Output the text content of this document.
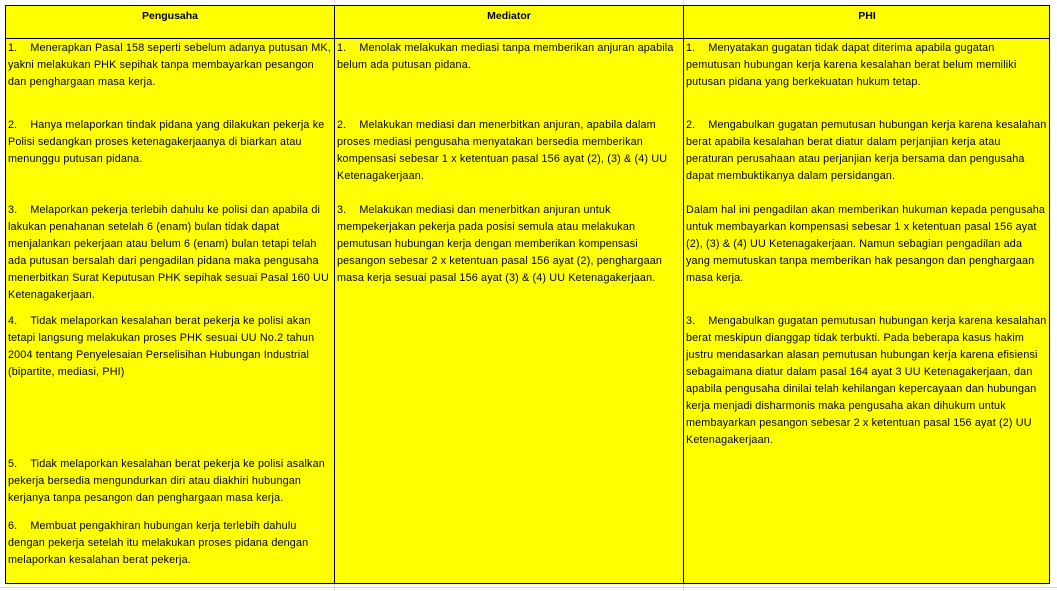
Pengusaha	Mediator	PHI
1. Menerapkan Pasal 158 seperti sebelum adanya putusan MK, yakni melakukan PHK sepihak tanpa membayarkan pesangon dan penghargaan masa kerja.
2. Hanya melaporkan tindak pidana yang dilakukan pekerja ke Polisi sedangkan proses ketenagakerjaanya di biarkan atau menunggu putusan pidana.
3. Melaporkan pekerja terlebih dahulu ke polisi dan apabila di lakukan penahanan setelah 6 (enam) bulan tidak dapat menjalankan pekerjaan atau belum 6 (enam) bulan tetapi telah ada putusan bersalah dari pengadilan pidana maka pengusaha menerbitkan Surat Keputusan PHK sepihak sesuai Pasal 160 UU Ketenagakerjaan.
4. Tidak melaporkan kesalahan berat pekerja ke polisi akan tetapi langsung melakukan proses PHK sesuai UU No.2 tahun 2004 tentang Penyelesaian Perselisihan Hubungan Industrial (bipartite, mediasi, PHI)
5. Tidak melaporkan kesalahan berat pekerja ke polisi asalkan pekerja bersedia mengundurkan diri atau diakhiri hubungan kerjanya tanpa pesangon dan penghargaan masa kerja.
6. Membuat pengakhiran hubungan kerja terlebih dahulu dengan pekerja setelah itu melakukan proses pidana dengan melaporkan kesalahan berat pekerja.
1. Menolak melakukan mediasi tanpa memberikan anjuran apabila belum ada putusan pidana.
2. Melakukan mediasi dan menerbitkan anjuran, apabila dalam proses mediasi pengusaha menyatakan bersedia memberikan kompensasi sebesar 1 x ketentuan pasal 156 ayat (2), (3) & (4) UU Ketenagakerjaan.
3. Melakukan mediasi dan menerbitkan anjuran untuk mempekerjakan pekerja pada posisi semula atau melakukan pemutusan hubungan kerja dengan memberikan kompensasi pesangon sebesar 2 x ketentuan pasal 156 ayat (2), penghargaan masa kerja sesuai pasal 156 ayat (3) & (4) UU Ketenagakerjaan.
1. Menyatakan gugatan tidak dapat diterima apabila gugatan pemutusan hubungan kerja karena kesalahan berat belum memiliki putusan pidana yang berkekuatan hukum tetap.
2. Mengabulkan gugatan pemutusan hubungan kerja karena kesalahan berat apabila kesalahan berat diatur dalam perjanjian kerja atau peraturan perusahaan atau perjanjian kerja bersama dan pengusaha dapat membuktikanya dalam persidangan.
Dalam hal ini pengadilan akan memberikan hukuman kepada pengusaha untuk membayarkan kompensasi sebesar 1 x ketentuan pasal 156 ayat (2), (3) & (4) UU Ketenagakerjaan. Namun sebagian pengadilan ada yang memutuskan tanpa memberikan hak pesangon dan penghargaan masa kerja.
3. Mengabulkan gugatan pemutusan hubungan kerja karena kesalahan berat meskipun dianggap tidak terbukti. Pada beberapa kasus hakim justru mendasarkan alasan pemutusan hubungan kerja karena efisiensi sebagaimana diatur dalam pasal 164 ayat 3 UU Ketenagakerjaan, dan apabila pengusaha dinilai telah kehilangan kepercayaan dan hubungan kerja menjadi disharmonis maka pengusaha akan dihukum untuk membayarkan pesangon sebesar 2 x ketentuan pasal 156 ayat (2) UU Ketenagakerjaan.
